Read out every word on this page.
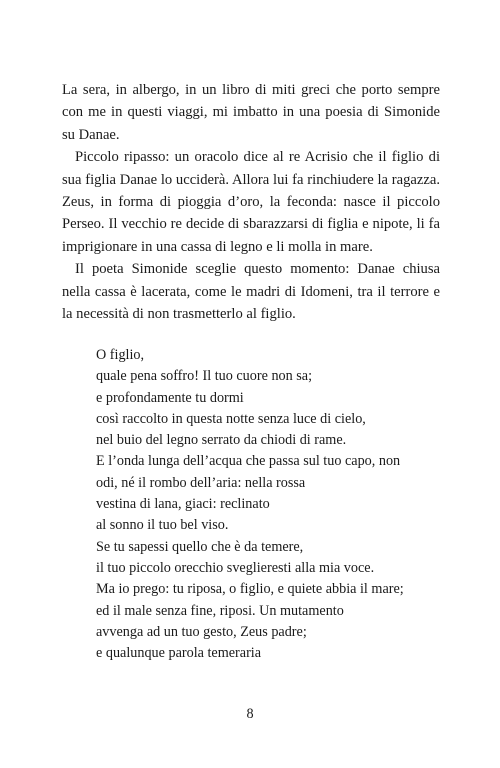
La sera, in albergo, in un libro di miti greci che porto sempre con me in questi viaggi, mi imbatto in una poesia di Simonide su Danae.

Piccolo ripasso: un oracolo dice al re Acrisio che il figlio di sua figlia Danae lo ucciderà. Allora lui fa rinchiudere la ragazza. Zeus, in forma di pioggia d’oro, la feconda: nasce il piccolo Perseo. Il vecchio re decide di sbarazzarsi di figlia e nipote, li fa imprigionare in una cassa di legno e li molla in mare.

Il poeta Simonide sceglie questo momento: Danae chiusa nella cassa è lacerata, come le madri di Idomeni, tra il terrore e la necessità di non trasmetterlo al figlio.

O figlio,
quale pena soffro! Il tuo cuore non sa;
e profondamente tu dormi
così raccolto in questa notte senza luce di cielo,
nel buio del legno serrato da chiodi di rame.
E l’onda lunga dell’acqua che passa sul tuo capo, non
odi, né il rombo dell’aria: nella rossa
vestina di lana, giaci: reclinato
al sonno il tuo bel viso.
Se tu sapessi quello che è da temere,
il tuo piccolo orecchio sveglieresti alla mia voce.
Ma io prego: tu riposa, o figlio, e quiete abbia il mare;
ed il male senza fine, riposi. Un mutamento
avvenga ad un tuo gesto, Zeus padre;
e qualunque parola temeraria
8
